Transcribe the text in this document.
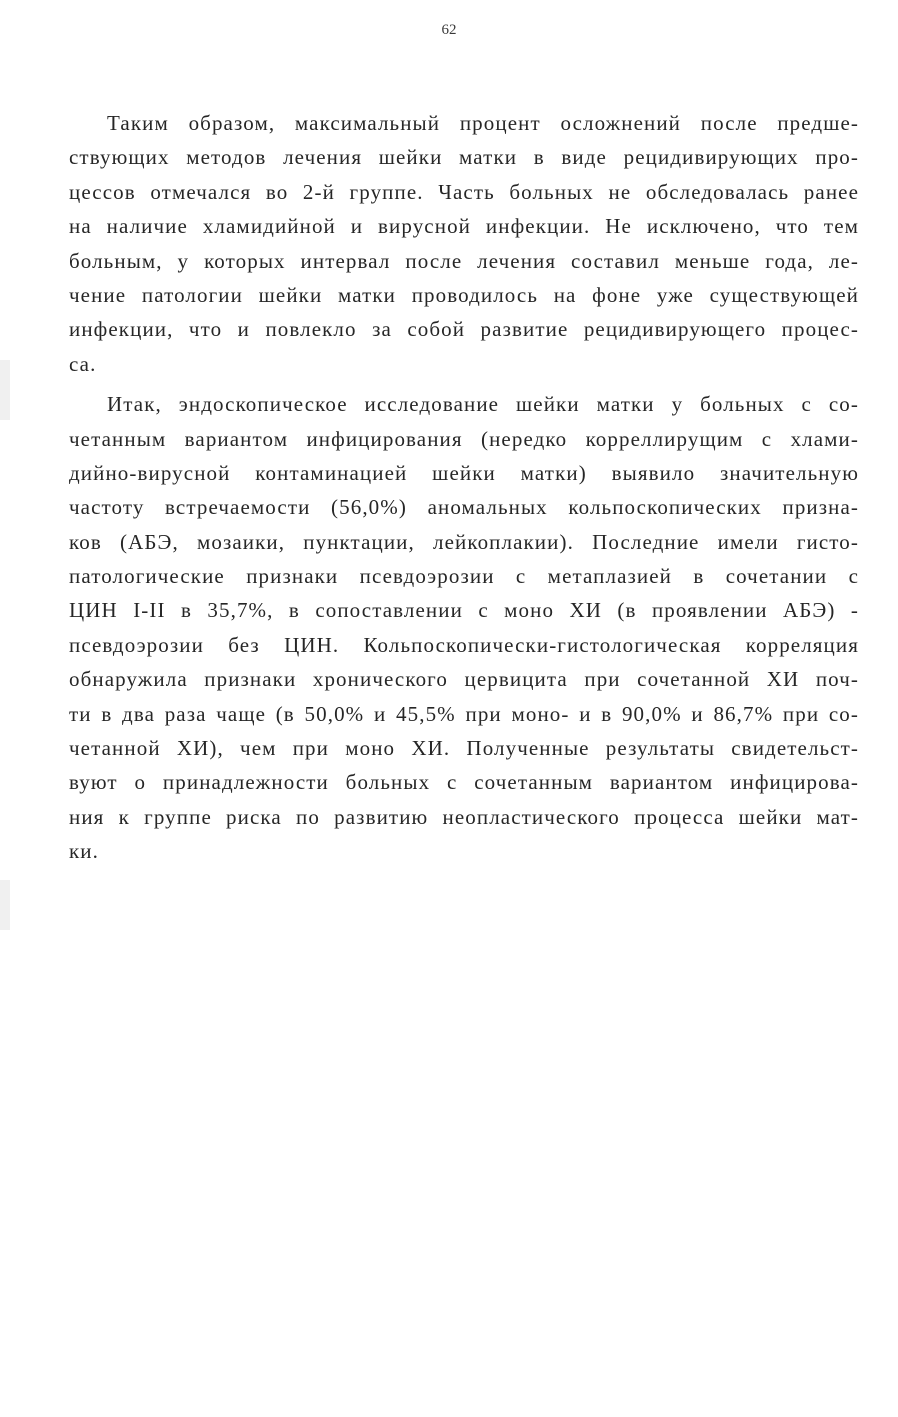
62
Таким образом, максимальный процент осложнений после предше-
ствующих методов лечения шейки матки в виде рецидивирующих про-
цессов отмечался во 2-й группе. Часть больных не обследовалась ранее
на наличие хламидийной и вирусной инфекции. Не исключено, что тем
больным, у которых интервал после лечения составил меньше года, ле-
чение патологии шейки матки проводилось на фоне уже существующей
инфекции, что и повлекло за собой развитие рецидивирующего процес-
са.
Итак, эндоскопическое исследование шейки матки у больных с со-
четанным вариантом инфицирования (нередко корреллирущим с хлами-
дийно-вирусной контаминацией шейки матки) выявило значительную
частоту встречаемости (56,0%) аномальных кольпоскопических призна-
ков (АБЭ, мозаики, пунктации, лейкоплакии). Последние имели гисто-
патологические признаки псевдоэрозии с метаплазией в сочетании с
ЦИН I-II в 35,7%, в сопоставлении с моно ХИ (в проявлении АБЭ) -
псевдоэрозии без ЦИН. Кольпоскопически-гистологическая корреляция
обнаружила признаки хронического цервицита при сочетанной ХИ поч-
ти в два раза чаще (в 50,0% и 45,5% при моно- и в 90,0% и 86,7% при со-
четанной ХИ), чем при моно ХИ. Полученные результаты свидетельст-
вуют о принадлежности больных с сочетанным вариантом инфицирова-
ния к группе риска по развитию неопластического процесса шейки мат-
ки.
